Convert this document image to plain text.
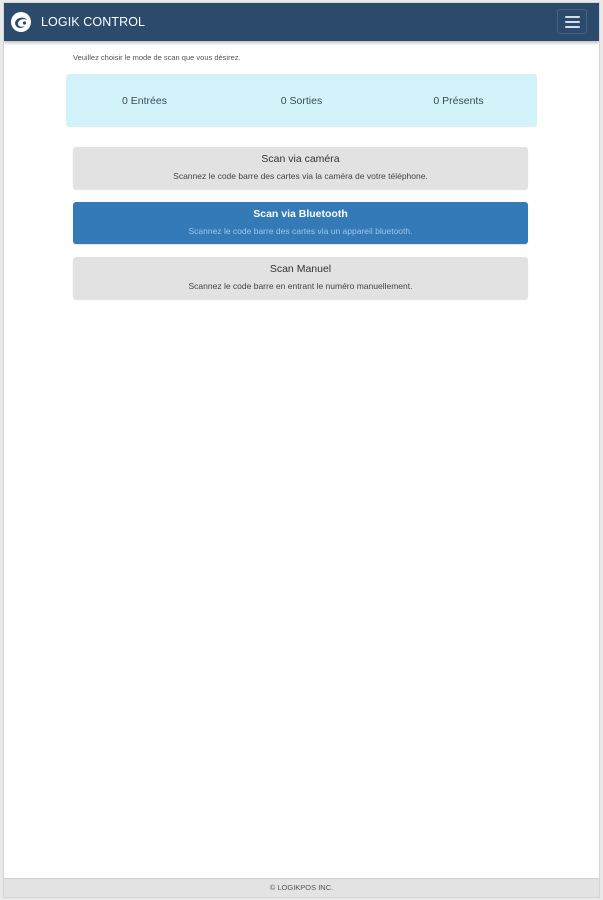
LOGIK CONTROL
Veuillez choisir le mode de scan que vous désirez.
0 Entrées	0 Sorties	0 Présents
Scan via caméra
Scannez le code barre des cartes via la caméra de votre téléphone.
Scan via Bluetooth
Scannez le code barre des cartes via un appareil bluetooth.
Scan Manuel
Scannez le code barre en entrant le numéro manuellement.
© LOGIKPOS INC.
